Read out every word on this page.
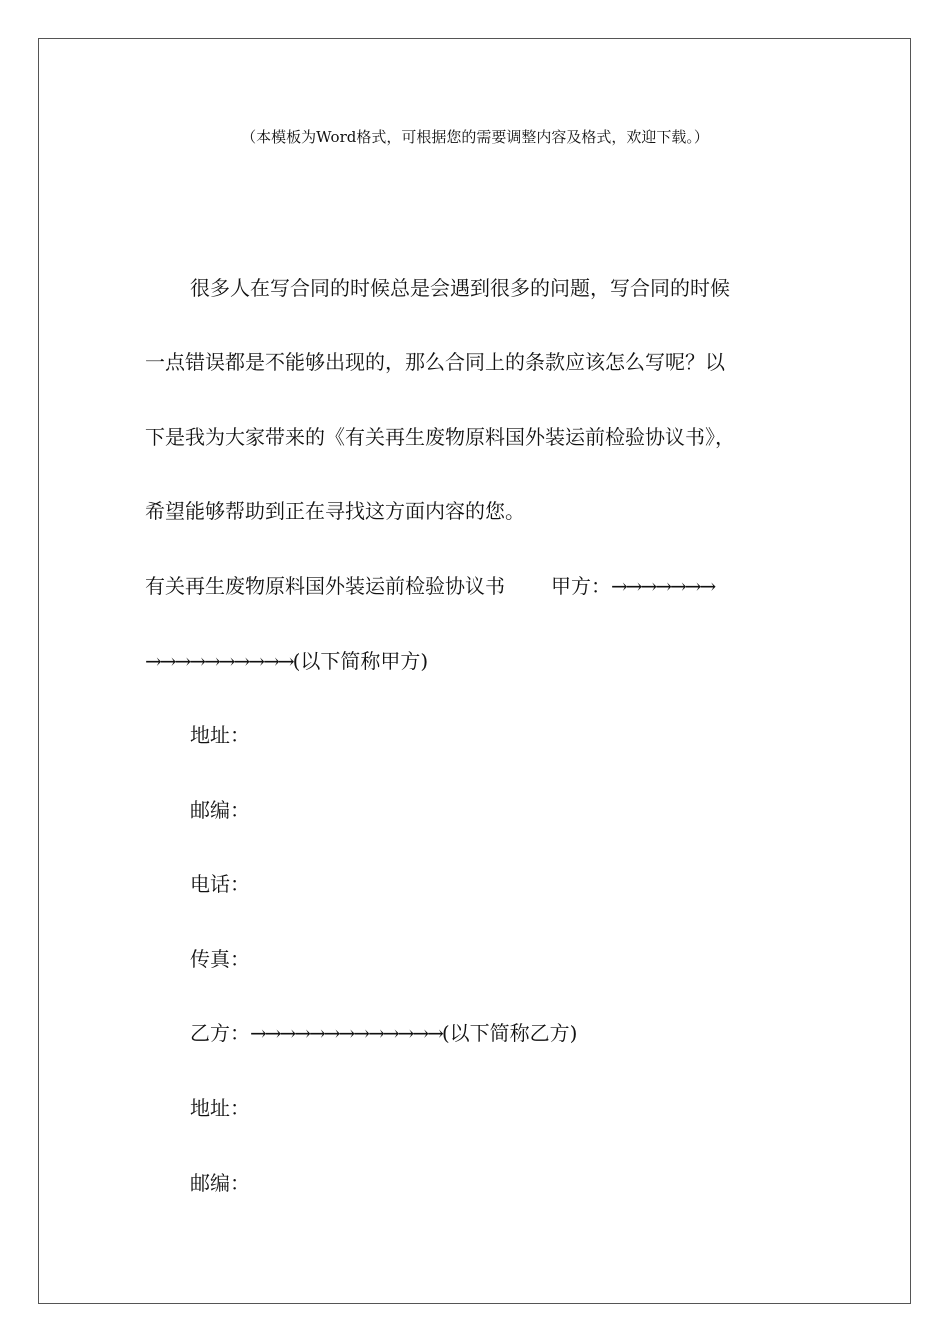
（本模板为Word格式，可根据您的需要调整内容及格式，欢迎下载。）
很多人在写合同的时候总是会遇到很多的问题，写合同的时候
一点错误都是不能够出现的，那么合同上的条款应该怎么写呢？以
下是我为大家带来的《有关再生废物原料国外装运前检验协议书》，
希望能够帮助到正在寻找这方面内容的您。
有关再生废物原料国外装运前检验协议书 甲方：→→→→→→→
→→→→→→→→→→(以下简称甲方)
地址：
邮编：
电话：
传真：
乙方：→→→→→→→→→→→→→(以下简称乙方)
地址：
邮编：
